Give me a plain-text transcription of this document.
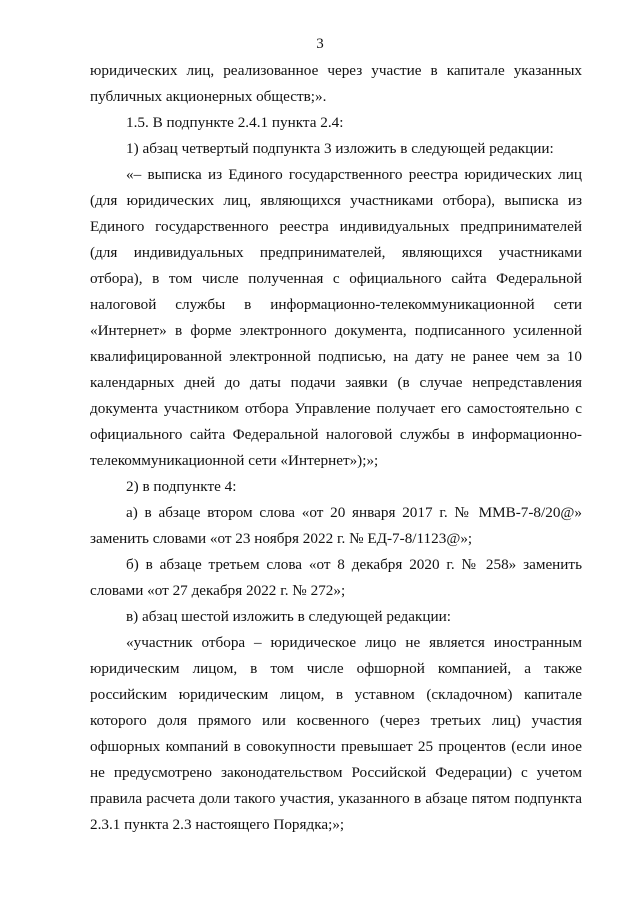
3

юридических лиц, реализованное через участие в капитале указанных публичных акционерных обществ;».

1.5. В подпункте 2.4.1 пункта 2.4:

1) абзац четвертый подпункта 3 изложить в следующей редакции:

«– выписка из Единого государственного реестра юридических лиц (для юридических лиц, являющихся участниками отбора), выписка из Единого государственного реестра индивидуальных предпринимателей (для индивидуальных предпринимателей, являющихся участниками отбора), в том числе полученная с официального сайта Федеральной налоговой службы в информационно-телекоммуникационной сети «Интернет» в форме электронного документа, подписанного усиленной квалифицированной электронной подписью, на дату не ранее чем за 10 календарных дней до даты подачи заявки (в случае непредставления документа участником отбора Управление получает его самостоятельно с официального сайта Федеральной налоговой службы в информационно-телекоммуникационной сети «Интернет»);»;

2) в подпункте 4:

а) в абзаце втором слова «от 20 января 2017 г. № ММВ-7-8/20@» заменить словами «от 23 ноября 2022 г. № ЕД-7-8/1123@»;

б) в абзаце третьем слова «от 8 декабря 2020 г. № 258» заменить словами «от 27 декабря 2022 г. № 272»;

в) абзац шестой изложить в следующей редакции:

«участник отбора – юридическое лицо не является иностранным юридическим лицом, в том числе офшорной компанией, а также российским юридическим лицом, в уставном (складочном) капитале которого доля прямого или косвенного (через третьих лиц) участия офшорных компаний в совокупности превышает 25 процентов (если иное не предусмотрено законодательством Российской Федерации) с учетом правила расчета доли такого участия, указанного в абзаце пятом подпункта 2.3.1 пункта 2.3 настоящего Порядка;»;
